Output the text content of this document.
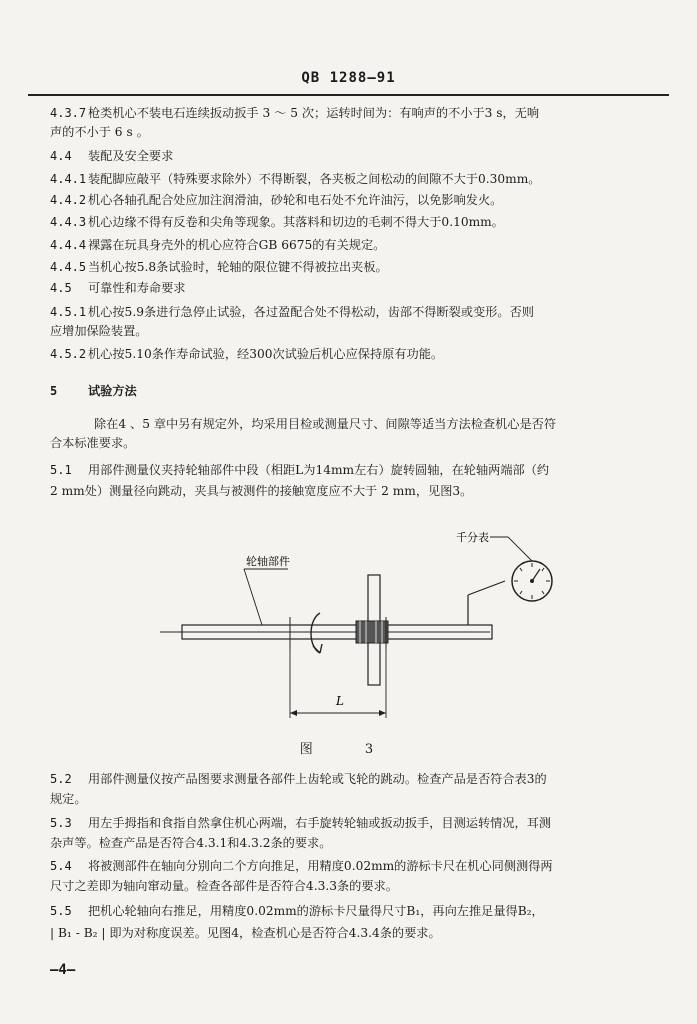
QB 1288—91
4.3.7 枪类机心不装电石连续扳动扳手 3 ～ 5 次；运转时间为：有响声的不小于3 s，无响
声的不小于 6 s 。
4.4 装配及安全要求
4.4.1 装配脚应敲平（特殊要求除外）不得断裂，各夹板之间松动的间隙不大于0.30mm。
4.4.2 机心各轴孔配合处应加注润滑油，砂轮和电石处不允许油污，以免影响发火。
4.4.3 机心边缘不得有反卷和尖角等现象。其落料和切边的毛刺不得大于0.10mm。
4.4.4 裸露在玩具身壳外的机心应符合GB 6675的有关规定。
4.4.5 当机心按5.8条试验时，轮轴的限位键不得被拉出夹板。
4.5 可靠性和寿命要求
4.5.1 机心按5.9条进行急停止试验，各过盈配合处不得松动，齿部不得断裂或变形。否则
应增加保险装置。
4.5.2 机心按5.10条作寿命试验，经300次试验后机心应保持原有功能。
5	试验方法
除在4 、5 章中另有规定外，均采用目检或测量尺寸、间隙等适当方法检查机心是否符
合本标准要求。
5.1 用部件测量仪夹持轮轴部件中段（相距L为14mm左右）旋转圆轴，在轮轴两端部（约
2 mm处）测量径向跳动，夹具与被测件的接触宽度应不大于 2 mm，见图3。
L
轮轴部件
千分表
图 3
5.2 用部件测量仪按产品图要求测量各部件上齿轮或飞轮的跳动。检查产品是否符合表3的
规定。
5.3 用左手拇指和食指自然拿住机心两端，右手旋转轮轴或扳动扳手，目测运转情况，耳测
杂声等。检查产品是否符合4.3.1和4.3.2条的要求。
5.4 将被测部件在轴向分别向二个方向推足，用精度0.02mm的游标卡尺在机心同侧测得两
尺寸之差即为轴向窜动量。检查各部件是否符合4.3.3条的要求。
5.5 把机心轮轴向右推足，用精度0.02mm的游标卡尺量得尺寸B₁，再向左推足量得B₂，
| B₁ - B₂ | 即为对称度误差。见图4，检查机心是否符合4.3.4条的要求。
—4—
